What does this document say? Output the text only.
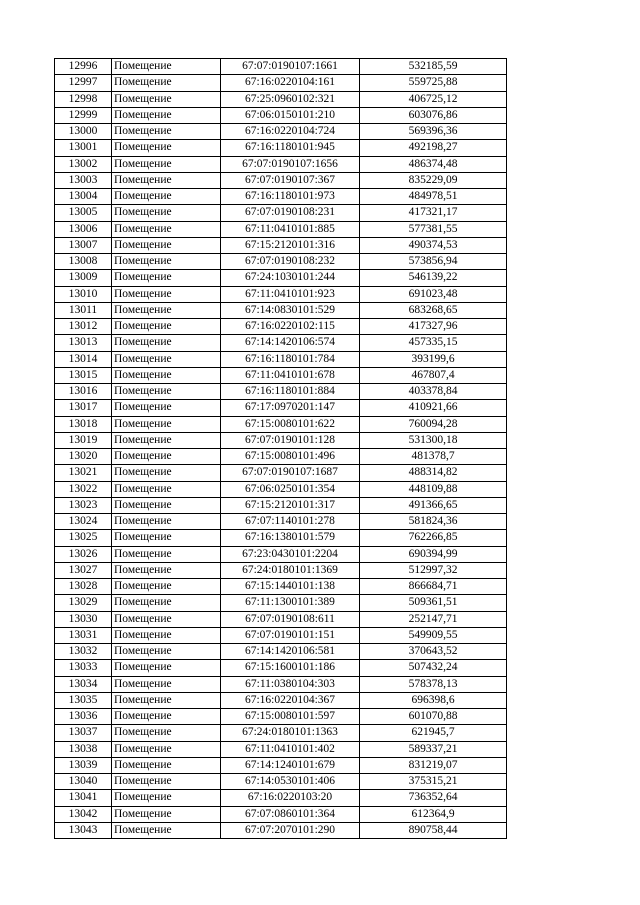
12996	Помещение	67:07:0190107:1661	532185,59
12997	Помещение	67:16:0220104:161	559725,88
12998	Помещение	67:25:0960102:321	406725,12
12999	Помещение	67:06:0150101:210	603076,86
13000	Помещение	67:16:0220104:724	569396,36
13001	Помещение	67:16:1180101:945	492198,27
13002	Помещение	67:07:0190107:1656	486374,48
13003	Помещение	67:07:0190107:367	835229,09
13004	Помещение	67:16:1180101:973	484978,51
13005	Помещение	67:07:0190108:231	417321,17
13006	Помещение	67:11:0410101:885	577381,55
13007	Помещение	67:15:2120101:316	490374,53
13008	Помещение	67:07:0190108:232	573856,94
13009	Помещение	67:24:1030101:244	546139,22
13010	Помещение	67:11:0410101:923	691023,48
13011	Помещение	67:14:0830101:529	683268,65
13012	Помещение	67:16:0220102:115	417327,96
13013	Помещение	67:14:1420106:574	457335,15
13014	Помещение	67:16:1180101:784	393199,6
13015	Помещение	67:11:0410101:678	467807,4
13016	Помещение	67:16:1180101:884	403378,84
13017	Помещение	67:17:0970201:147	410921,66
13018	Помещение	67:15:0080101:622	760094,28
13019	Помещение	67:07:0190101:128	531300,18
13020	Помещение	67:15:0080101:496	481378,7
13021	Помещение	67:07:0190107:1687	488314,82
13022	Помещение	67:06:0250101:354	448109,88
13023	Помещение	67:15:2120101:317	491366,65
13024	Помещение	67:07:1140101:278	581824,36
13025	Помещение	67:16:1380101:579	762266,85
13026	Помещение	67:23:0430101:2204	690394,99
13027	Помещение	67:24:0180101:1369	512997,32
13028	Помещение	67:15:1440101:138	866684,71
13029	Помещение	67:11:1300101:389	509361,51
13030	Помещение	67:07:0190108:611	252147,71
13031	Помещение	67:07:0190101:151	549909,55
13032	Помещение	67:14:1420106:581	370643,52
13033	Помещение	67:15:1600101:186	507432,24
13034	Помещение	67:11:0380104:303	578378,13
13035	Помещение	67:16:0220104:367	696398,6
13036	Помещение	67:15:0080101:597	601070,88
13037	Помещение	67:24:0180101:1363	621945,7
13038	Помещение	67:11:0410101:402	589337,21
13039	Помещение	67:14:1240101:679	831219,07
13040	Помещение	67:14:0530101:406	375315,21
13041	Помещение	67:16:0220103:20	736352,64
13042	Помещение	67:07:0860101:364	612364,9
13043	Помещение	67:07:2070101:290	890758,44
